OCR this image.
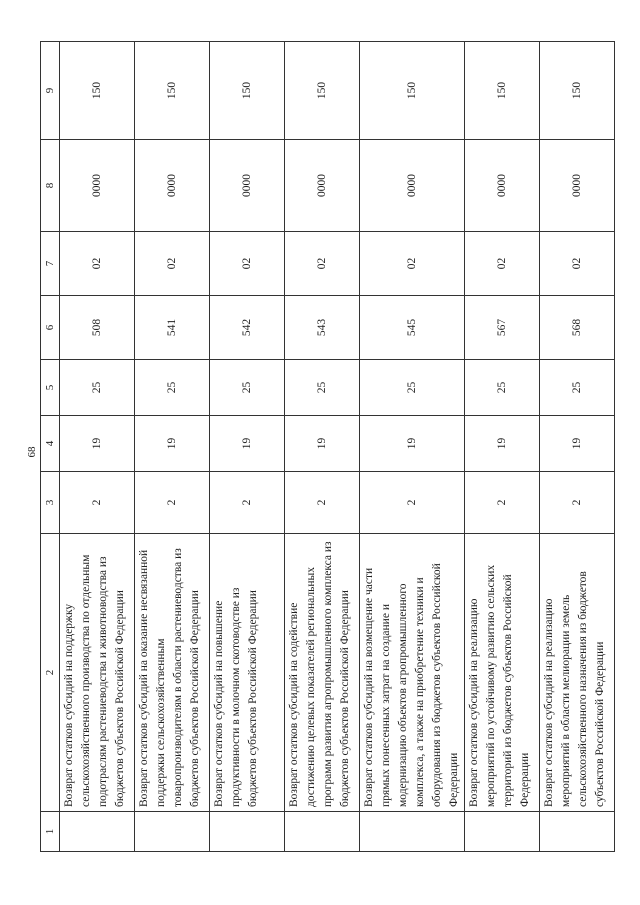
68
1	2	3	4	5	6	7	8	9
	Возврат остатков субсидий на поддержку сельскохозяйственного производства по отдельным подотраслям растениеводства и животноводства из бюджетов субъектов Российской Федерации	2	19	25	508	02	0000	150
	Возврат остатков субсидий на оказание несвязанной поддержки сельскохозяйственным товаропроизводителям в области растениеводства из бюджетов субъектов Российской Федерации	2	19	25	541	02	0000	150
	Возврат остатков субсидий на повышение продуктивности в молочном скотоводстве из бюджетов субъектов Российской Федерации	2	19	25	542	02	0000	150
	Возврат остатков субсидий на содействие достижению целевых показателей региональных программ развития агропромышленного комплекса из бюджетов субъектов Российской Федерации	2	19	25	543	02	0000	150
	Возврат остатков субсидий на возмещение части прямых понесенных затрат на создание и модернизацию объектов агропромышленного комплекса, а также на приобретение техники и оборудования из бюджетов субъектов Российской Федерации	2	19	25	545	02	0000	150
	Возврат остатков субсидий на реализацию мероприятий по устойчивому развитию сельских территорий из бюджетов субъектов Российской Федерации	2	19	25	567	02	0000	150
	Возврат остатков субсидий на реализацию мероприятий в области мелиорации земель сельскохозяйственного назначения из бюджетов субъектов Российской Федерации	2	19	25	568	02	0000	150
